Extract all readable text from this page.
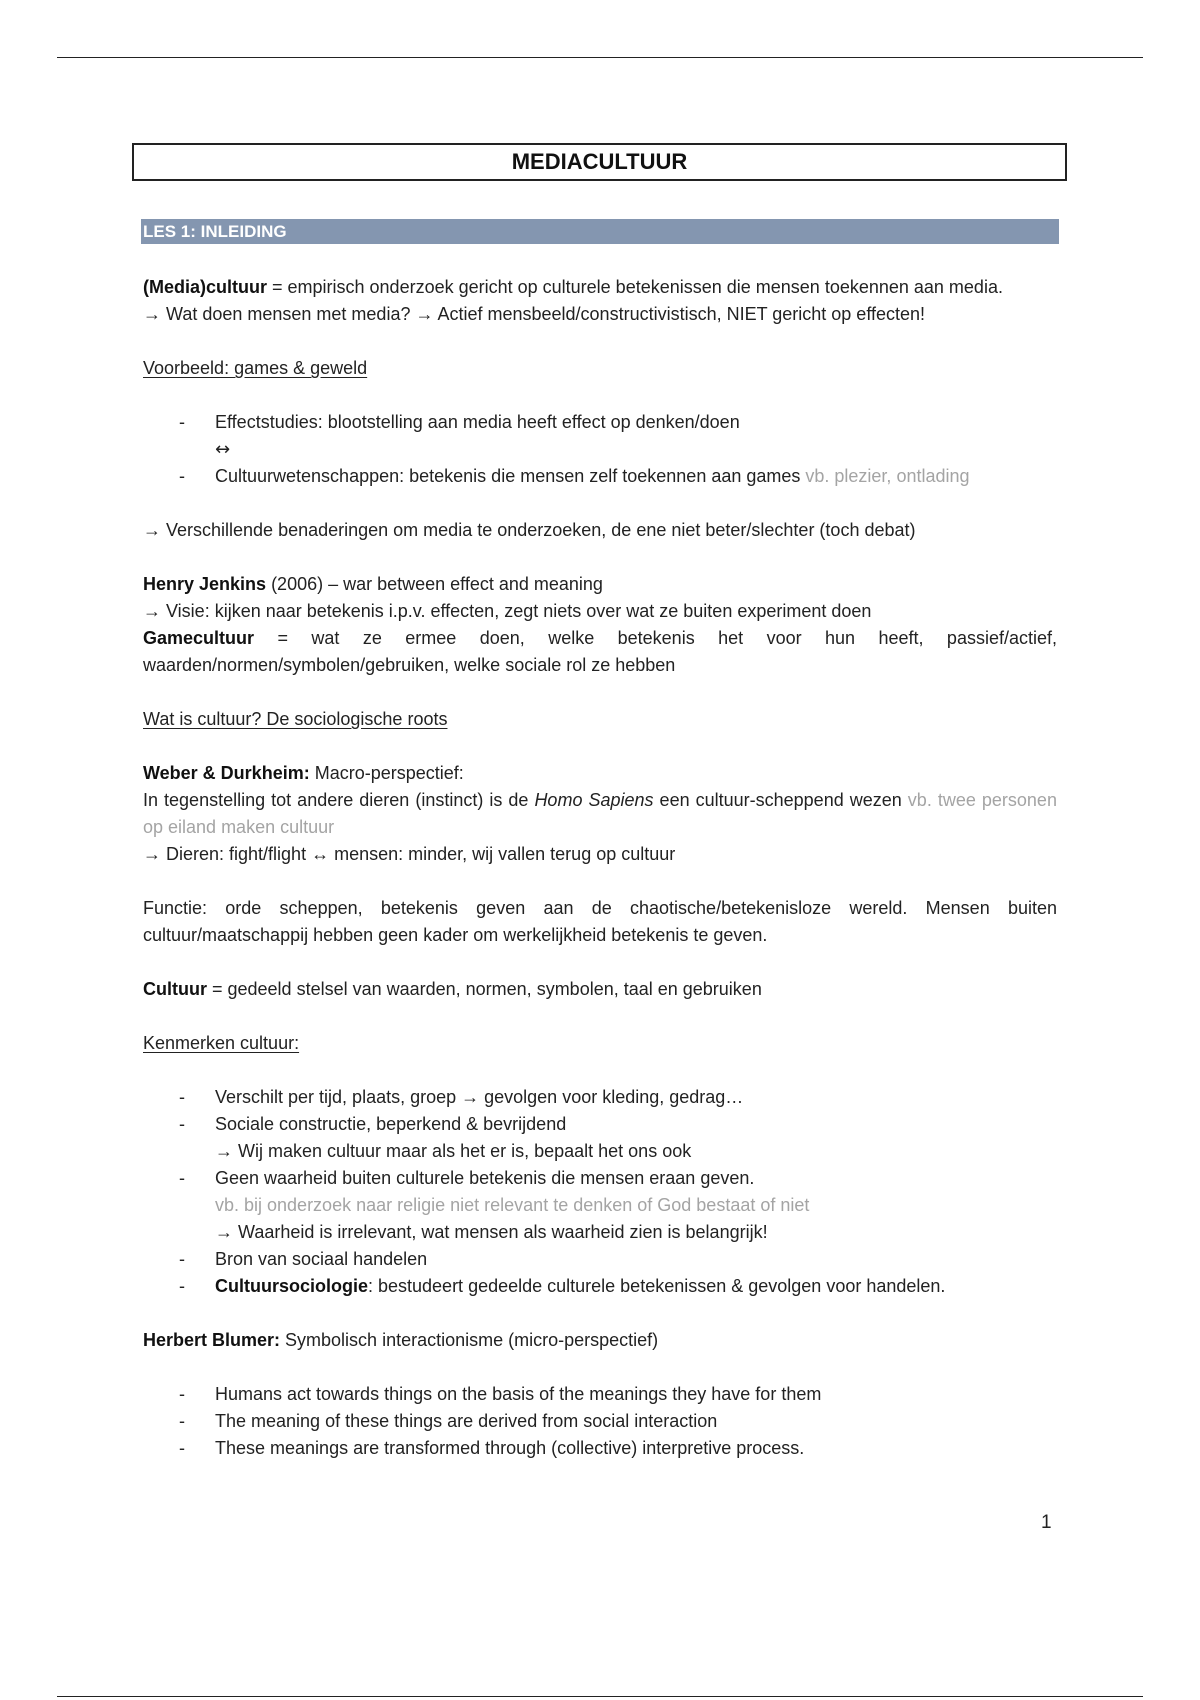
MEDIACULTUUR
LES 1: INLEIDING

(Media)cultuur = empirisch onderzoek gericht op culturele betekenissen die mensen toekennen aan media.

→ Wat doen mensen met media? → Actief mensbeeld/constructivistisch, NIET gericht op effecten!

Voorbeeld: games & geweld

- Effectstudies: blootstelling aan media heeft effect op denken/doen
↔
- Cultuurwetenschappen: betekenis die mensen zelf toekennen aan games vb. plezier, ontlading

→ Verschillende benaderingen om media te onderzoeken, de ene niet beter/slechter (toch debat)

Henry Jenkins (2006) – war between effect and meaning

→ Visie: kijken naar betekenis i.p.v. effecten, zegt niets over wat ze buiten experiment doen

Gamecultuur = wat ze ermee doen, welke betekenis het voor hun heeft, passief/actief, waarden/normen/symbolen/gebruiken, welke sociale rol ze hebben

Wat is cultuur? De sociologische roots

Weber & Durkheim: Macro-perspectief:

In tegenstelling tot andere dieren (instinct) is de Homo Sapiens een cultuur-scheppend wezen vb. twee personen op eiland maken cultuur

→ Dieren: fight/flight ↔ mensen: minder, wij vallen terug op cultuur

Functie: orde scheppen, betekenis geven aan de chaotische/betekenisloze wereld. Mensen buiten cultuur/maatschappij hebben geen kader om werkelijkheid betekenis te geven.

Cultuur = gedeeld stelsel van waarden, normen, symbolen, taal en gebruiken

Kenmerken cultuur:

- Verschilt per tijd, plaats, groep → gevolgen voor kleding, gedrag…
- Sociale constructie, beperkend & bevrijdend
→ Wij maken cultuur maar als het er is, bepaalt het ons ook
- Geen waarheid buiten culturele betekenis die mensen eraan geven.
vb. bij onderzoek naar religie niet relevant te denken of God bestaat of niet
→ Waarheid is irrelevant, wat mensen als waarheid zien is belangrijk!
- Bron van sociaal handelen
- Cultuursociologie: bestudeert gedeelde culturele betekenissen & gevolgen voor handelen.

Herbert Blumer: Symbolisch interactionisme (micro-perspectief)

- Humans act towards things on the basis of the meanings they have for them
- The meaning of these things are derived from social interaction
- These meanings are transformed through (collective) interpretive process.
1
